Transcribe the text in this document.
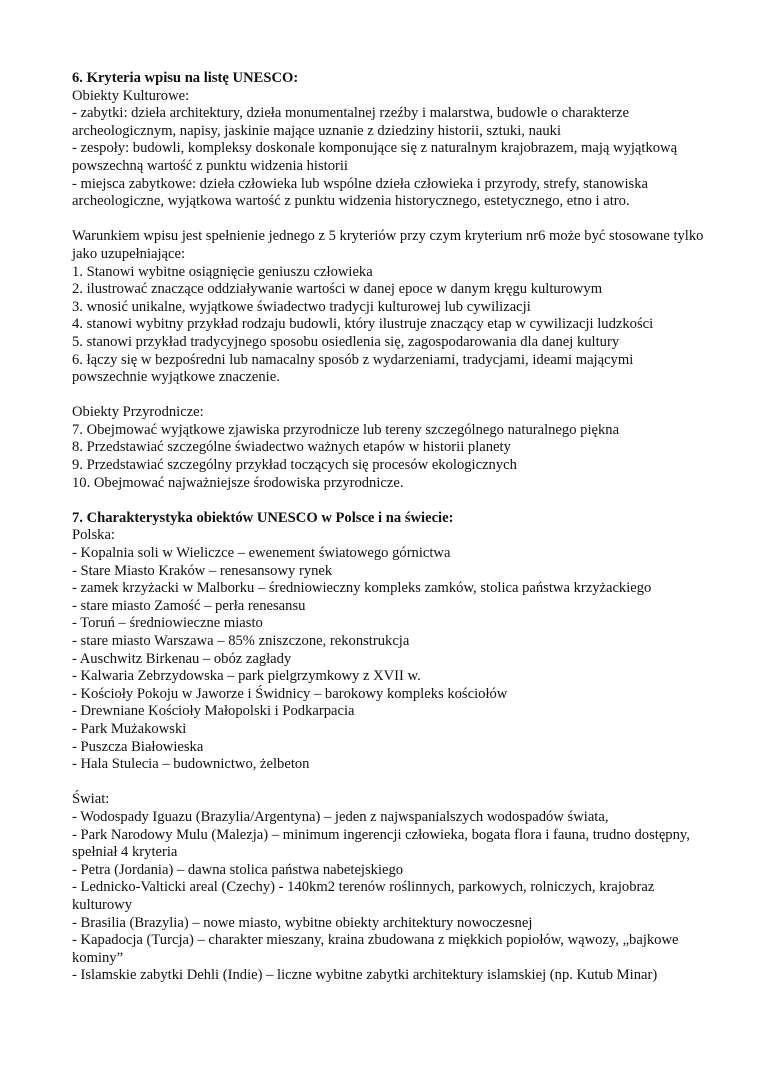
6. Kryteria wpisu na listę UNESCO:

Obiekty Kulturowe:

- zabytki: dzieła architektury, dzieła monumentalnej rzeźby i malarstwa, budowle o charakterze archeologicznym, napisy, jaskinie mające uznanie z dziedziny historii, sztuki, nauki

- zespoły: budowli, kompleksy doskonale komponujące się z naturalnym krajobrazem, mają wyjątkową powszechną wartość z punktu widzenia historii

- miejsca zabytkowe: dzieła człowieka lub wspólne dzieła człowieka i przyrody, strefy, stanowiska archeologiczne, wyjątkowa wartość z punktu widzenia historycznego, estetycznego, etno i atro.

Warunkiem wpisu jest spełnienie jednego z 5 kryteriów przy czym kryterium nr6 może być stosowane tylko jako uzupełniające:

1. Stanowi wybitne osiągnięcie geniuszu człowieka

2. ilustrować znaczące oddziaływanie wartości w danej epoce w danym kręgu kulturowym

3. wnosić unikalne, wyjątkowe świadectwo tradycji kulturowej lub cywilizacji

4. stanowi wybitny przykład rodzaju budowli, który ilustruje znaczący etap w cywilizacji ludzkości

5. stanowi przykład tradycyjnego sposobu osiedlenia się, zagospodarowania dla danej kultury

6. łączy się w bezpośredni lub namacalny sposób z wydarzeniami, tradycjami, ideami mającymi powszechnie wyjątkowe znaczenie.

Obiekty Przyrodnicze:

7. Obejmować wyjątkowe zjawiska przyrodnicze lub tereny szczególnego naturalnego piękna

8. Przedstawiać szczególne świadectwo ważnych etapów w historii planety

9. Przedstawiać szczególny przykład toczących się procesów ekologicznych

10. Obejmować najważniejsze środowiska przyrodnicze.

7. Charakterystyka obiektów UNESCO w Polsce i na świecie:

Polska:

- Kopalnia soli w Wieliczce – ewenement światowego górnictwa

- Stare Miasto Kraków – renesansowy rynek

- zamek krzyżacki w Malborku – średniowieczny kompleks zamków, stolica państwa krzyżackiego

- stare miasto Zamość – perła renesansu

- Toruń – średniowieczne miasto

- stare miasto Warszawa – 85% zniszczone, rekonstrukcja

- Auschwitz Birkenau – obóz zagłady

- Kalwaria Zebrzydowska – park pielgrzymkowy z XVII w.

- Kościoły Pokoju w Jaworze i Świdnicy – barokowy kompleks kościołów

- Drewniane Kościoły Małopolski i Podkarpacia

- Park Mużakowski

- Puszcza Białowieska

- Hala Stulecia – budownictwo, żelbeton

Świat:

- Wodospady Iguazu (Brazylia/Argentyna) – jeden z najwspanialszych wodospadów świata,

- Park Narodowy Mulu (Malezja) – minimum ingerencji człowieka, bogata flora i fauna, trudno dostępny, spełniał 4 kryteria

- Petra (Jordania) – dawna stolica państwa nabetejskiego

- Lednicko-Valticki areal (Czechy) - 140km2 terenów roślinnych, parkowych, rolniczych, krajobraz kulturowy

- Brasilia (Brazylia) – nowe miasto, wybitne obiekty architektury nowoczesnej

- Kapadocja (Turcja) – charakter mieszany, kraina zbudowana z miękkich popiołów, wąwozy, „bajkowe kominy”

- Islamskie zabytki Dehli (Indie) – liczne wybitne zabytki architektury islamskiej (np. Kutub Minar)
